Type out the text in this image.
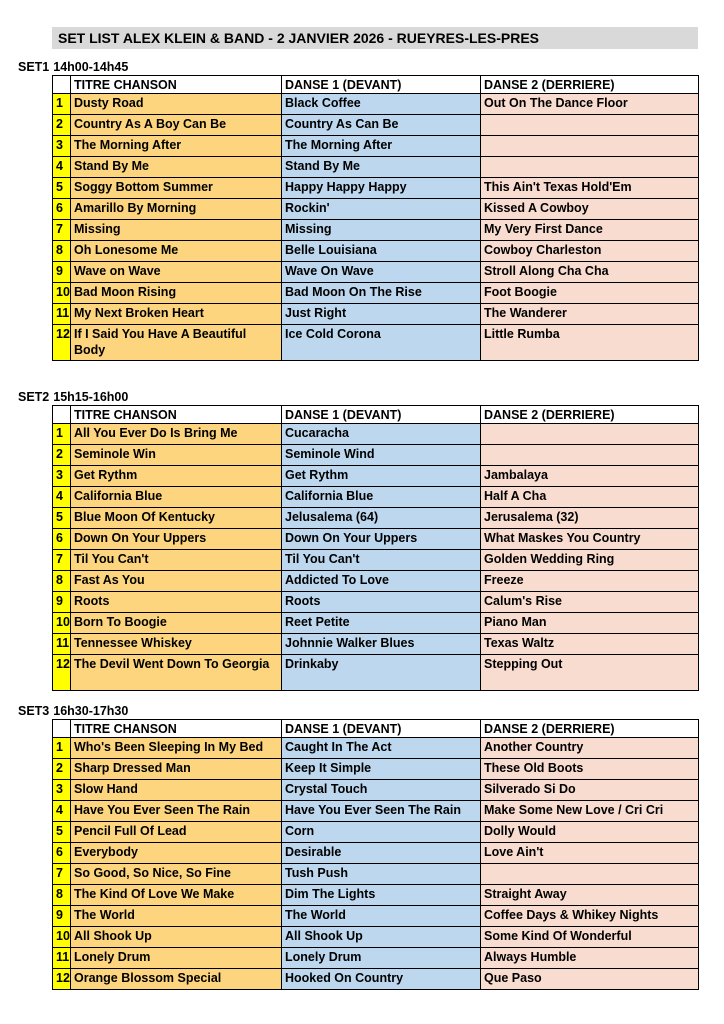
SET LIST ALEX KLEIN & BAND - 2 JANVIER 2026 - RUEYRES-LES-PRES
SET1 14h00-14h45
	TITRE CHANSON	DANSE 1 (DEVANT)	DANSE 2 (DERRIERE)
1	Dusty Road	Black Coffee	Out On The Dance Floor
2	Country As A Boy Can Be	Country As Can Be	
3	The Morning After	The Morning After	
4	Stand By Me	Stand By Me	
5	Soggy Bottom Summer	Happy Happy Happy	This Ain't Texas Hold'Em
6	Amarillo By Morning	Rockin'	Kissed A Cowboy
7	Missing	Missing	My Very First Dance
8	Oh Lonesome Me	Belle Louisiana	Cowboy Charleston
9	Wave on Wave	Wave On Wave	Stroll Along Cha Cha
10	Bad Moon Rising	Bad Moon On The Rise	Foot Boogie
11	My Next Broken Heart	Just Right	The Wanderer
12	If I Said You Have A Beautiful Body	Ice Cold Corona	Little Rumba
SET2 15h15-16h00
	TITRE CHANSON	DANSE 1 (DEVANT)	DANSE 2 (DERRIERE)
1	All You Ever Do Is Bring Me	Cucaracha	
2	Seminole Win	Seminole Wind	
3	Get Rythm	Get Rythm	Jambalaya
4	California Blue	California Blue	Half A Cha
5	Blue Moon Of Kentucky	Jelusalema (64)	Jerusalema (32)
6	Down On Your Uppers	Down On Your Uppers	What Maskes You Country
7	Til You Can't	Til You Can't	Golden Wedding Ring
8	Fast As You	Addicted To Love	Freeze
9	Roots	Roots	Calum's Rise
10	Born To Boogie	Reet Petite	Piano Man
11	Tennessee Whiskey	Johnnie Walker Blues	Texas Waltz
12	The Devil Went Down To Georgia	Drinkaby	Stepping Out
SET3 16h30-17h30
	TITRE CHANSON	DANSE 1 (DEVANT)	DANSE 2 (DERRIERE)
1	Who's Been Sleeping In My Bed	Caught In The Act	Another Country
2	Sharp Dressed Man	Keep It Simple	These Old Boots
3	Slow Hand	Crystal Touch	Silverado Si Do
4	Have You Ever Seen The Rain	Have You Ever Seen The Rain	Make Some New Love / Cri Cri
5	Pencil Full Of Lead	Corn	Dolly Would
6	Everybody	Desirable	Love Ain't
7	So Good, So Nice, So Fine	Tush Push	
8	The Kind Of Love We Make	Dim The Lights	Straight Away
9	The World	The World	Coffee Days & Whikey Nights
10	All Shook Up	All Shook Up	Some Kind Of Wonderful
11	Lonely Drum	Lonely Drum	Always Humble
12	Orange Blossom Special	Hooked On Country	Que Paso
